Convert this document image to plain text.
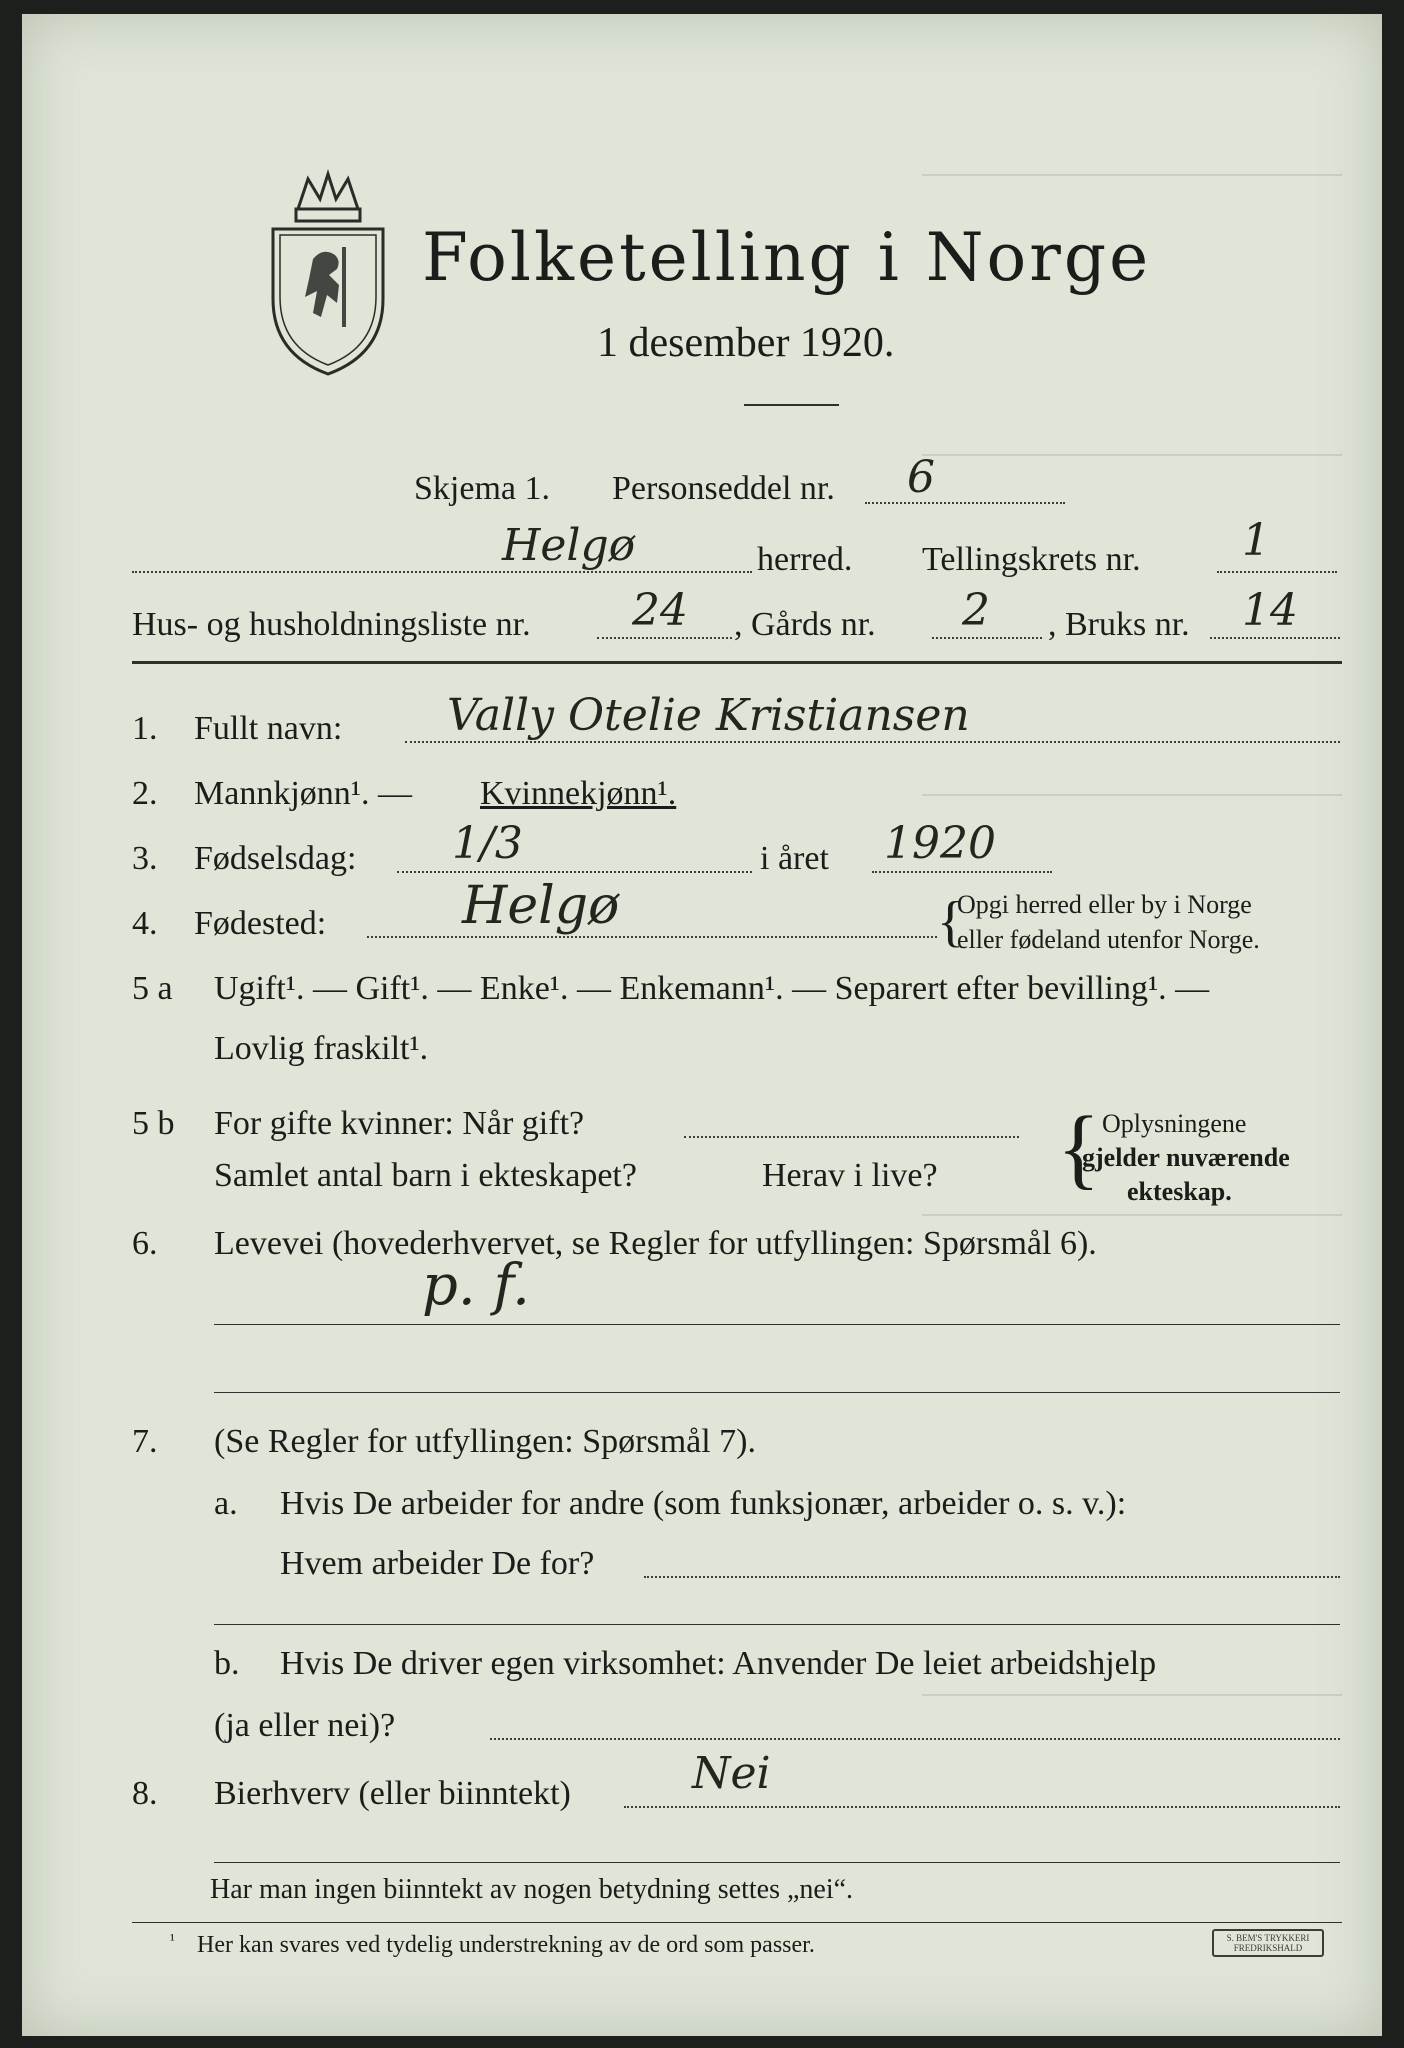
Folketelling i Norge
1 desember 1920.
Skjema 1. Personseddel nr. 6
Helgø	herred. Tellingskrets nr. 1
Hus- og husholdningsliste nr. 24 , Gårds nr. 2 , Bruks nr. 14
1. Fullt navn: Vally Otelie Kristiansen
2. Mannkjønn¹. — Kvinnekjønn¹.
3. Fødselsdag: 1/3	i året 1920
4. Fødested:	Helgø	{
Opgi herred eller by i Norge
eller fødeland utenfor Norge.
5 a Ugift¹. — Gift¹. — Enke¹. — Enkemann¹. — Separert efter bevilling¹. —
Lovlig fraskilt¹.
5 b For gifte kvinner: Når gift?
Samlet antal barn i ekteskapet?	Herav i live? { Oplysningene
gjelder nuværende
ekteskap.
6. Levevei (hovederhvervet, se Regler for utfyllingen: Spørsmål 6).
p. f.
7. (Se Regler for utfyllingen: Spørsmål 7).
a. Hvis De arbeider for andre (som funksjonær, arbeider o. s. v.):
Hvem arbeider De for?
b. Hvis De driver egen virksomhet: Anvender De leiet arbeidshjelp
(ja eller nei)?
8. Bierhverv (eller biinntekt)	Nei
Har man ingen biinntekt av nogen betydning settes „nei“.
¹ Her kan svares ved tydelig understrekning av de ord som passer.	S. BEM'S TRYKKERI
FREDRIKSHALD
